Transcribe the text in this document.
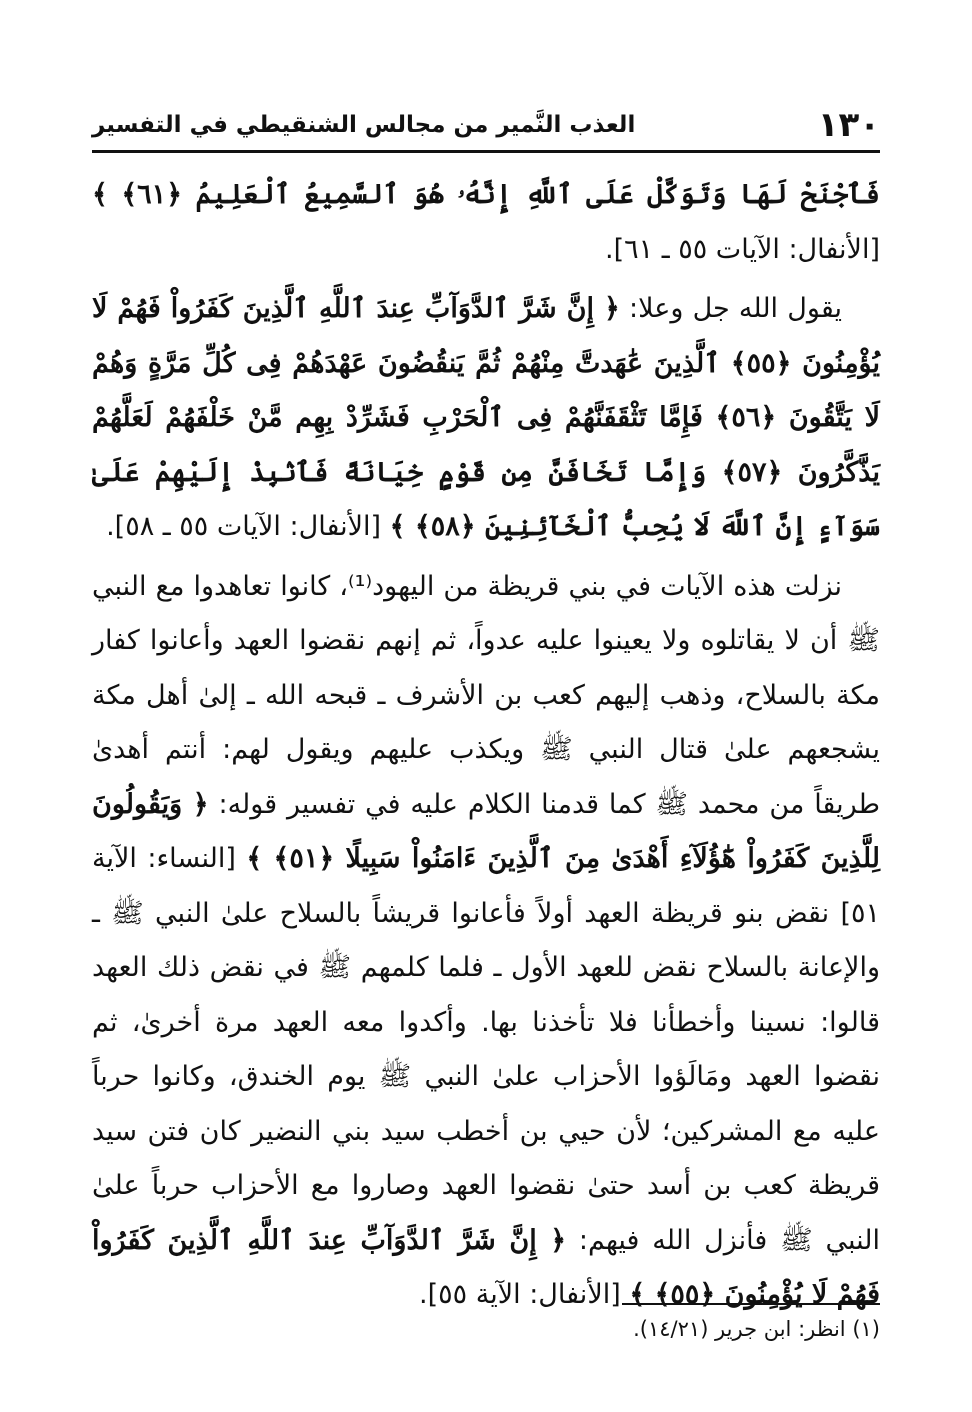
١٣٠
العذب النَّمير من مجالس الشنقيطي في التفسير

فَٱجْنَحْ لَهَا وَتَوَكَّلْ عَلَى ٱللَّهِ إِنَّهُۥ هُوَ ٱلسَّمِيعُ ٱلْعَلِيمُ ﴿٦١﴾ ﴾ [الأنفال: الآيات ٥٥ ـ ٦١].

يقول الله جل وعلا: ﴿ إِنَّ شَرَّ ٱلدَّوَآبِّ عِندَ ٱللَّهِ ٱلَّذِينَ كَفَرُواْ فَهُمْ لَا يُؤْمِنُونَ ﴿٥٥﴾ ٱلَّذِينَ عَٰهَدتَّ مِنْهُمْ ثُمَّ يَنقُضُونَ عَهْدَهُمْ فِى كُلِّ مَرَّةٍ وَهُمْ لَا يَتَّقُونَ ﴿٥٦﴾ فَإِمَّا تَثْقَفَنَّهُمْ فِى ٱلْحَرْبِ فَشَرِّدْ بِهِم مَّنْ خَلْفَهُمْ لَعَلَّهُمْ يَذَّكَّرُونَ ﴿٥٧﴾ وَإِمَّا تَخَافَنَّ مِن قَوْمٍ خِيَانَةً فَٱنۢبِذْ إِلَيْهِمْ عَلَىٰ سَوَآءٍ إِنَّ ٱللَّهَ لَا يُحِبُّ ٱلْخَآئِنِينَ ﴿٥٨﴾ ﴾ [الأنفال: الآيات ٥٥ ـ ٥٨].

نزلت هذه الآيات في بني قريظة من اليهود⁽¹⁾، كانوا تعاهدوا مع النبي ﷺ أن لا يقاتلوه ولا يعينوا عليه عدواً، ثم إنهم نقضوا العهد وأعانوا كفار مكة بالسلاح، وذهب إليهم كعب بن الأشرف ـ قبحه الله ـ إلىٰ أهل مكة يشجعهم علىٰ قتال النبي ﷺ ويكذب عليهم ويقول لهم: أنتم أهدىٰ طريقاً من محمد ﷺ كما قدمنا الكلام عليه في تفسير قوله: ﴿ وَيَقُولُونَ لِلَّذِينَ كَفَرُواْ هَٰٓؤُلَآءِ أَهْدَىٰ مِنَ ٱلَّذِينَ ءَامَنُواْ سَبِيلًا ﴿٥١﴾ ﴾ [النساء: الآية ٥١] نقض بنو قريظة العهد أولاً فأعانوا قريشاً بالسلاح علىٰ النبي ﷺ ـ والإعانة بالسلاح نقض للعهد الأول ـ فلما كلمهم ﷺ في نقض ذلك العهد قالوا: نسينا وأخطأنا فلا تأخذنا بها. وأكدوا معه العهد مرة أخرىٰ، ثم نقضوا العهد ومَالَؤوا الأحزاب علىٰ النبي ﷺ يوم الخندق، وكانوا حرباً عليه مع المشركين؛ لأن حيي بن أخطب سيد بني النضير كان فتن سيد قريظة كعب بن أسد حتىٰ نقضوا العهد وصاروا مع الأحزاب حرباً علىٰ النبي ﷺ فأنزل الله فيهم: ﴿ إِنَّ شَرَّ ٱلدَّوَآبِّ عِندَ ٱللَّهِ ٱلَّذِينَ كَفَرُواْ فَهُمْ لَا يُؤْمِنُونَ ﴿٥٥﴾ ﴾ [الأنفال: الآية ٥٥].

(١) انظر: ابن جرير (١٤/٢١).
